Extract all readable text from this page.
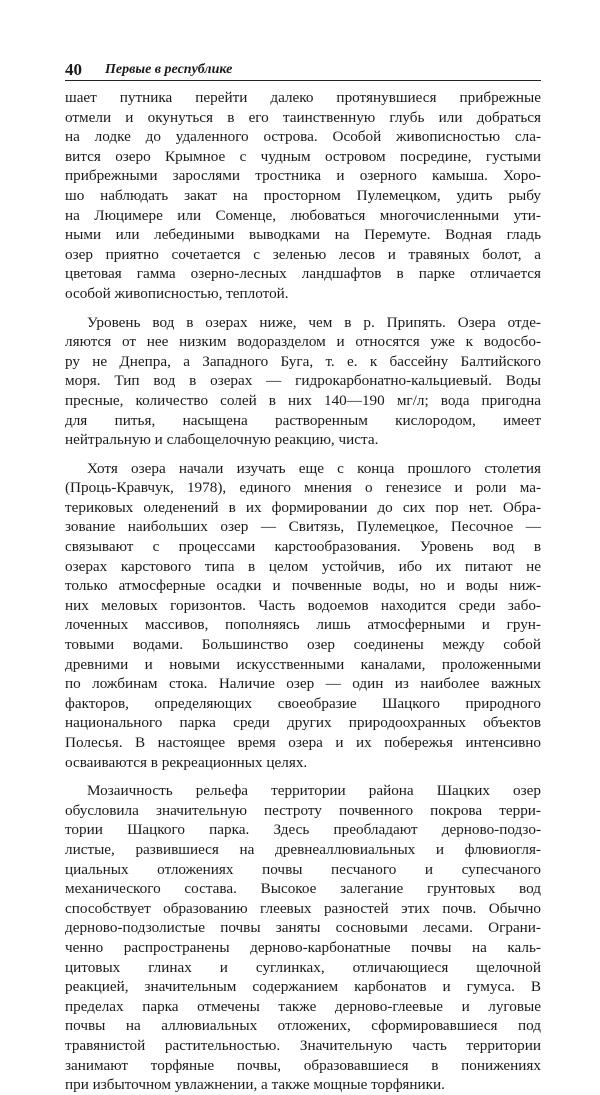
40 Первые в республике
шает путника перейти далеко протянувшиеся прибрежные
отмели и окунуться в его таинственную глубь или добраться
на лодке до удаленного острова. Особой живописностью сла-
вится озеро Крымное с чудным островом посредине, густыми
прибрежными зарослями тростника и озерного камыша. Хоро-
шо наблюдать закат на просторном Пулемецком, удить рыбу
на Люцимере или Соменце, любоваться многочисленными ути-
ными или лебедиными выводками на Перемуте. Водная гладь
озер приятно сочетается с зеленью лесов и травяных болот, а
цветовая гамма озерно-лесных ландшафтов в парке отличается
особой живописностью, теплотой.
Уровень вод в озерах ниже, чем в р. Припять. Озера отде-
ляются от нее низким водоразделом и относятся уже к водосбо-
ру не Днепра, а Западного Буга, т. е. к бассейну Балтийского
моря. Тип вод в озерах — гидрокарбонатно-кальциевый. Воды
пресные, количество солей в них 140—190 мг/л; вода пригодна
для питья, насыщена растворенным кислородом, имеет
нейтральную и слабощелочную реакцию, чиста.
Хотя озера начали изучать еще с конца прошлого столетия
(Проць-Кравчук, 1978), единого мнения о генезисе и роли ма-
териковых оледенений в их формировании до сих пор нет. Обра-
зование наибольших озер — Свитязь, Пулемецкое, Песочное —
связывают с процессами карстообразования. Уровень вод в
озерах карстового типа в целом устойчив, ибо их питают не
только атмосферные осадки и почвенные воды, но и воды ниж-
них меловых горизонтов. Часть водоемов находится среди забо-
лоченных массивов, пополняясь лишь атмосферными и грун-
товыми водами. Большинство озер соединены между собой
древними и новыми искусственными каналами, проложенными
по ложбинам стока. Наличие озер — один из наиболее важных
факторов, определяющих своеобразие Шацкого природного
национального парка среди других природоохранных объектов
Полесья. В настоящее время озера и их побережья интенсивно
осваиваются в рекреационных целях.
Мозаичность рельефа территории района Шацких озер
обусловила значительную пестроту почвенного покрова терри-
тории Шацкого парка. Здесь преобладают дерново-подзо-
листые, развившиеся на древнеаллювиальных и флювиогля-
циальных отложениях почвы песчаного и супесчаного
механического состава. Высокое залегание грунтовых вод
способствует образованию глеевых разностей этих почв. Обычно
дерново-подзолистые почвы заняты сосновыми лесами. Ограни-
ченно распространены дерново-карбонатные почвы на каль-
цитовых глинах и суглинках, отличающиеся щелочной
реакцией, значительным содержанием карбонатов и гумуса. В
пределах парка отмечены также дерново-глеевые и луговые
почвы на аллювиальных отложених, сформировавшиеся под
травянистой растительностью. Значительную часть территории
занимают торфяные почвы, образовавшиеся в понижениях
при избыточном увлажнении, а также мощные торфяники.
